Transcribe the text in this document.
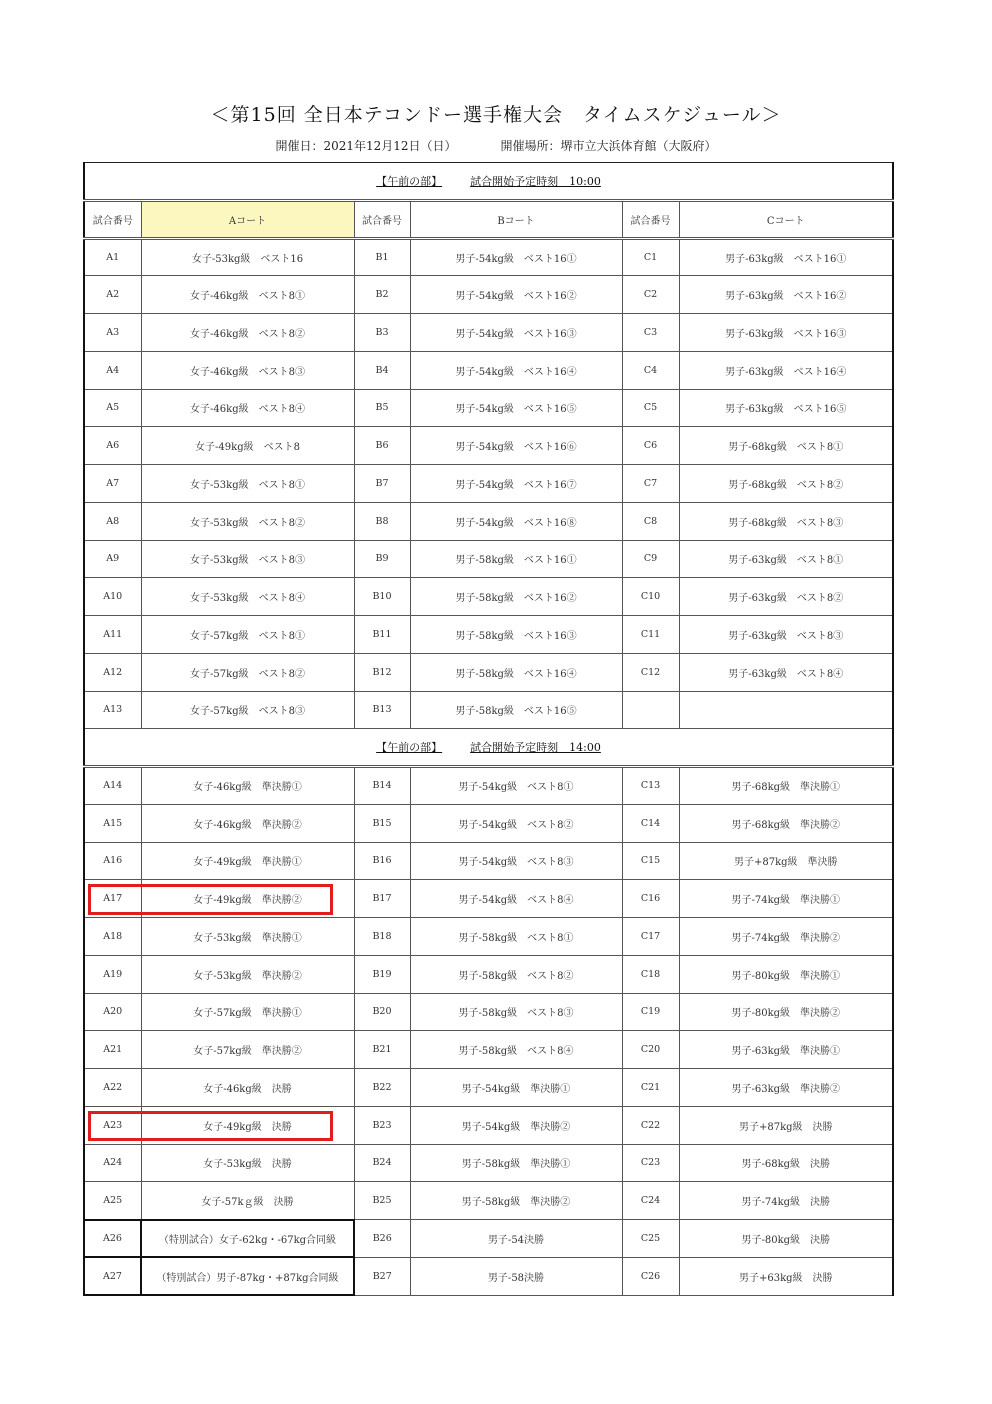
＜第15回 全日本テコンドー選手権大会　タイムスケジュール＞
開催日：2021年12月12日（日）	開催場所：堺市立大浜体育館（大阪府）
【午前の部】 試合開始予定時刻　10:00					
試合番号	Aコート	試合番号	Bコート	試合番号	Cコート
A1	女子-53kg級　ベスト16	B1	男子-54kg級　ベスト16①	C1	男子-63kg級　ベスト16①
A2	女子-46kg級　ベスト8①	B2	男子-54kg級　ベスト16②	C2	男子-63kg級　ベスト16②
A3	女子-46kg級　ベスト8②	B3	男子-54kg級　ベスト16③	C3	男子-63kg級　ベスト16③
A4	女子-46kg級　ベスト8③	B4	男子-54kg級　ベスト16④	C4	男子-63kg級　ベスト16④
A5	女子-46kg級　ベスト8④	B5	男子-54kg級　ベスト16⑤	C5	男子-63kg級　ベスト16⑤
A6	女子-49kg級　ベスト8	B6	男子-54kg級　ベスト16⑥	C6	男子-68kg級　ベスト8①
A7	女子-53kg級　ベスト8①	B7	男子-54kg級　ベスト16⑦	C7	男子-68kg級　ベスト8②
A8	女子-53kg級　ベスト8②	B8	男子-54kg級　ベスト16⑧	C8	男子-68kg級　ベスト8③
A9	女子-53kg級　ベスト8③	B9	男子-58kg級　ベスト16①	C9	男子-63kg級　ベスト8①
A10	女子-53kg級　ベスト8④	B10	男子-58kg級　ベスト16②	C10	男子-63kg級　ベスト8②
A11	女子-57kg級　ベスト8①	B11	男子-58kg級　ベスト16③	C11	男子-63kg級　ベスト8③
A12	女子-57kg級　ベスト8②	B12	男子-58kg級　ベスト16④	C12	男子-63kg級　ベスト8④
A13	女子-57kg級　ベスト8③	B13	男子-58kg級　ベスト16⑤		
【午前の部】 試合開始予定時刻　14:00					
A14	女子-46kg級　準決勝①	B14	男子-54kg級　ベスト8①	C13	男子-68kg級　準決勝①
A15	女子-46kg級　準決勝②	B15	男子-54kg級　ベスト8②	C14	男子-68kg級　準決勝②
A16	女子-49kg級　準決勝①	B16	男子-54kg級　ベスト8③	C15	男子+87kg級　準決勝
A17	女子-49kg級　準決勝②	B17	男子-54kg級　ベスト8④	C16	男子-74kg級　準決勝①
A18	女子-53kg級　準決勝①	B18	男子-58kg級　ベスト8①	C17	男子-74kg級　準決勝②
A19	女子-53kg級　準決勝②	B19	男子-58kg級　ベスト8②	C18	男子-80kg級　準決勝①
A20	女子-57kg級　準決勝①	B20	男子-58kg級　ベスト8③	C19	男子-80kg級　準決勝②
A21	女子-57kg級　準決勝②	B21	男子-58kg級　ベスト8④	C20	男子-63kg級　準決勝①
A22	女子-46kg級　決勝	B22	男子-54kg級　準決勝①	C21	男子-63kg級　準決勝②
A23	女子-49kg級　決勝	B23	男子-54kg級　準決勝②	C22	男子+87kg級　決勝
A24	女子-53kg級　決勝	B24	男子-58kg級　準決勝①	C23	男子-68kg級　決勝
A25	女子-57kｇ級　決勝	B25	男子-58kg級　準決勝②	C24	男子-74kg級　決勝
A26	（特別試合）女子-62kg・-67kg合同級	B26	男子-54決勝	C25	男子-80kg級　決勝
A27	（特別試合）男子-87kg・+87kg合同級	B27	男子-58決勝	C26	男子+63kg級　決勝
